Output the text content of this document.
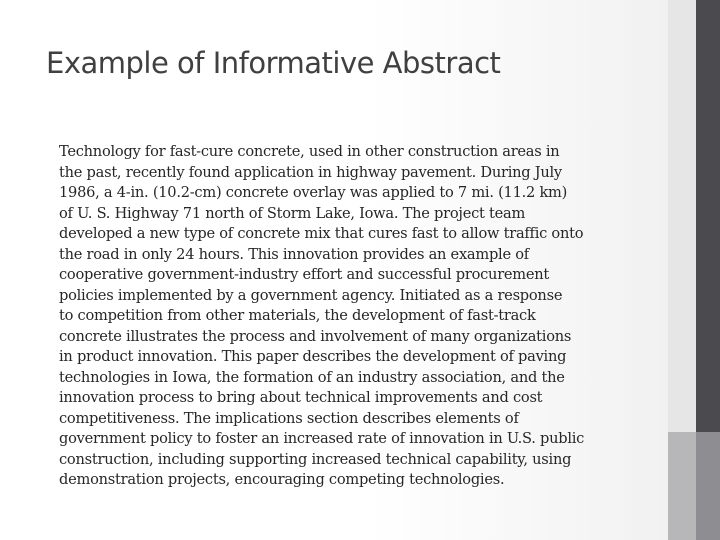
Example of Informative Abstract
Technology for fast-cure concrete, used in other construction areas in
the past, recently found application in highway pavement. During July
1986, a 4-in. (10.2-cm) concrete overlay was applied to 7 mi. (11.2 km)
of U. S. Highway 71 north of Storm Lake, Iowa. The project team
developed a new type of concrete mix that cures fast to allow traffic onto
the road in only 24 hours. This innovation provides an example of
cooperative government-industry effort and successful procurement
policies implemented by a government agency. Initiated as a response
to competition from other materials, the development of fast-track
concrete illustrates the process and involvement of many organizations
in product innovation. This paper describes the development of paving
technologies in Iowa, the formation of an industry association, and the
innovation process to bring about technical improvements and cost
competitiveness. The implications section describes elements of
government policy to foster an increased rate of innovation in U.S. public
construction, including supporting increased technical capability, using
demonstration projects, encouraging competing technologies.
